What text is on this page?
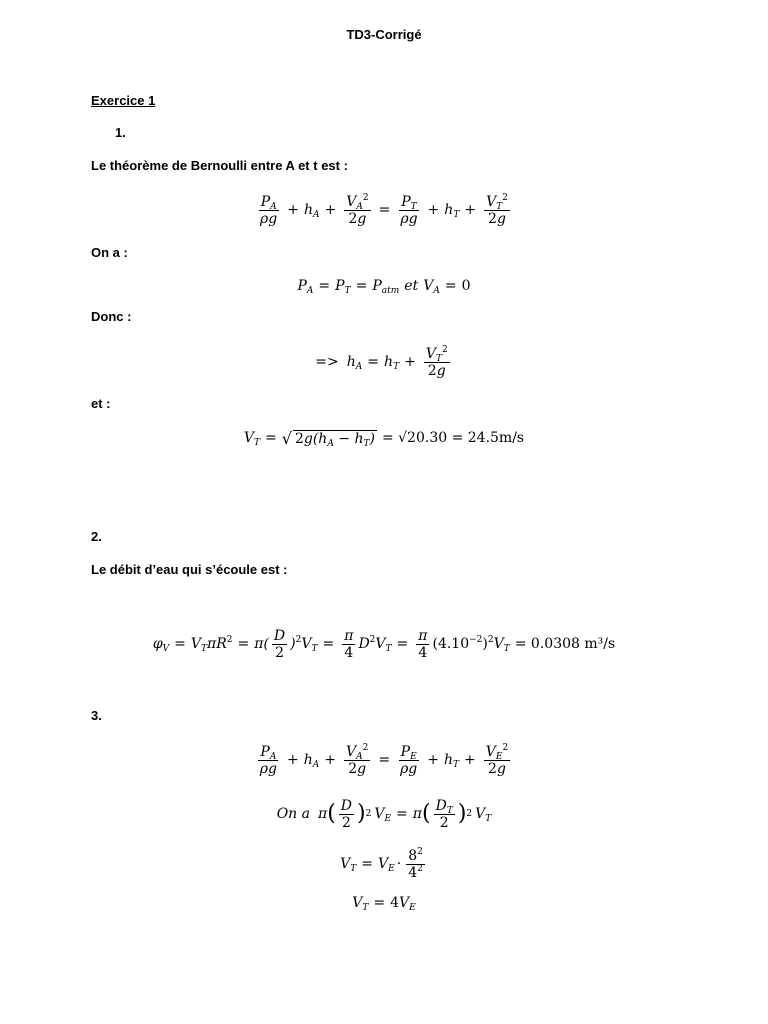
TD3-Corrigé
Exercice 1
1.
Le théorème de Bernoulli entre A et t est :
$\frac{P_A}{\rho g} + h_A + \frac{V_A^2}{2g} = \frac{P_T}{\rho g} + h_T + \frac{V_T^2}{2g}$
On a :
$P_A = P_T = P_{atm}$ et $V_A = 0$
Donc :
=> $h_A = h_T + \frac{V_T^2}{2g}$
et :
$V_T$ = √ $2g(h_A - h_T) = √20.30 = 24.5m/s$
2.
Le débit d’eau qui s’écoule est :
$\varphi_V = V_T\pi R^2 = \pi( \frac{D}{2} )^2V_T = \frac{\pi}{4} D^2V_T = \frac{\pi}{4} (4.10^{-2})^2V_T = 0.0308$ m³/s
3.
$\frac{P_A}{\rho g} + h_A + \frac{V_A^2}{2g} = \frac{P_E}{\rho g} + h_T + \frac{V_E^2}{2g}$
On a π ( $\frac{D}{2}$ ) 2 $V_E = \pi$ ( $\frac{D_T}{2}$ ) 2 $V_T$
$V_T = V_E \cdot \frac{8^2}{4^2}$
$V_T = 4V_E$
